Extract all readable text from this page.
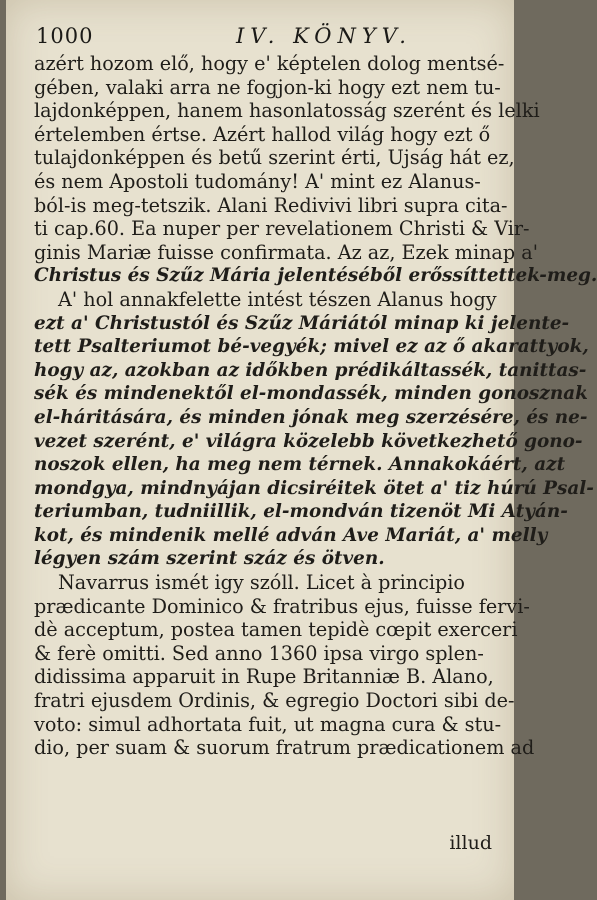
1000	IV. KÖNYV.
azért hozom elő, hogy e' képtelen dolog mentsé-
gében, valaki arra ne fogjon-ki hogy ezt nem tu-
lajdonképpen, hanem hasonlatosság szerént és lelki
értelemben értse. Azért hallod világ hogy ezt ő
tulajdonképpen és betű szerint érti, Ujság hát ez,
és nem Apostoli tudomány! A' mint ez Alanus-
ból-is meg-tetszik. Alani Redivivi libri supra cita-
ti cap.60. Ea nuper per revelationem Christi & Vir-
ginis Mariæ fuisse confirmata. Az az, Ezek minap a'
Christus és Szűz Mária jelentéséből erőssíttettek-meg.
A' hol annakfelette intést tészen Alanus hogy
ezt a' Christustól és Szűz Máriától minap ki jelente-
tett Psalteriumot bé-vegyék; mivel ez az ő akarattyok,
hogy az, azokban az időkben prédikáltassék, tanittas-
sék és mindenektől el-mondassék, minden gonosznak
el-háritására, és minden jónak meg szerzésére, és ne-
vezet szerént, e' világra közelebb következhető gono-
noszok ellen, ha meg nem térnek. Annakokáért, azt
mondgya, mindnyájan dicsiréitek ötet a' tiz húrú Psal-
teriumban, tudniillik, el-mondván tizenöt Mi Atyán-
kot, és mindenik mellé adván Ave Mariát, a' melly
légyen szám szerint száz és ötven.
Navarrus ismét igy szóll. Licet à principio
prædicante Dominico & fratribus ejus, fuisse fervi-
dè acceptum, postea tamen tepidè cœpit exerceri
& ferè omitti. Sed anno 1360 ipsa virgo splen-
didissima apparuit in Rupe Britanniæ B. Alano,
fratri ejusdem Ordinis, & egregio Doctori sibi de-
voto: simul adhortata fuit, ut magna cura & stu-
dio, per suam & suorum fratrum prædicationem ad
illud
